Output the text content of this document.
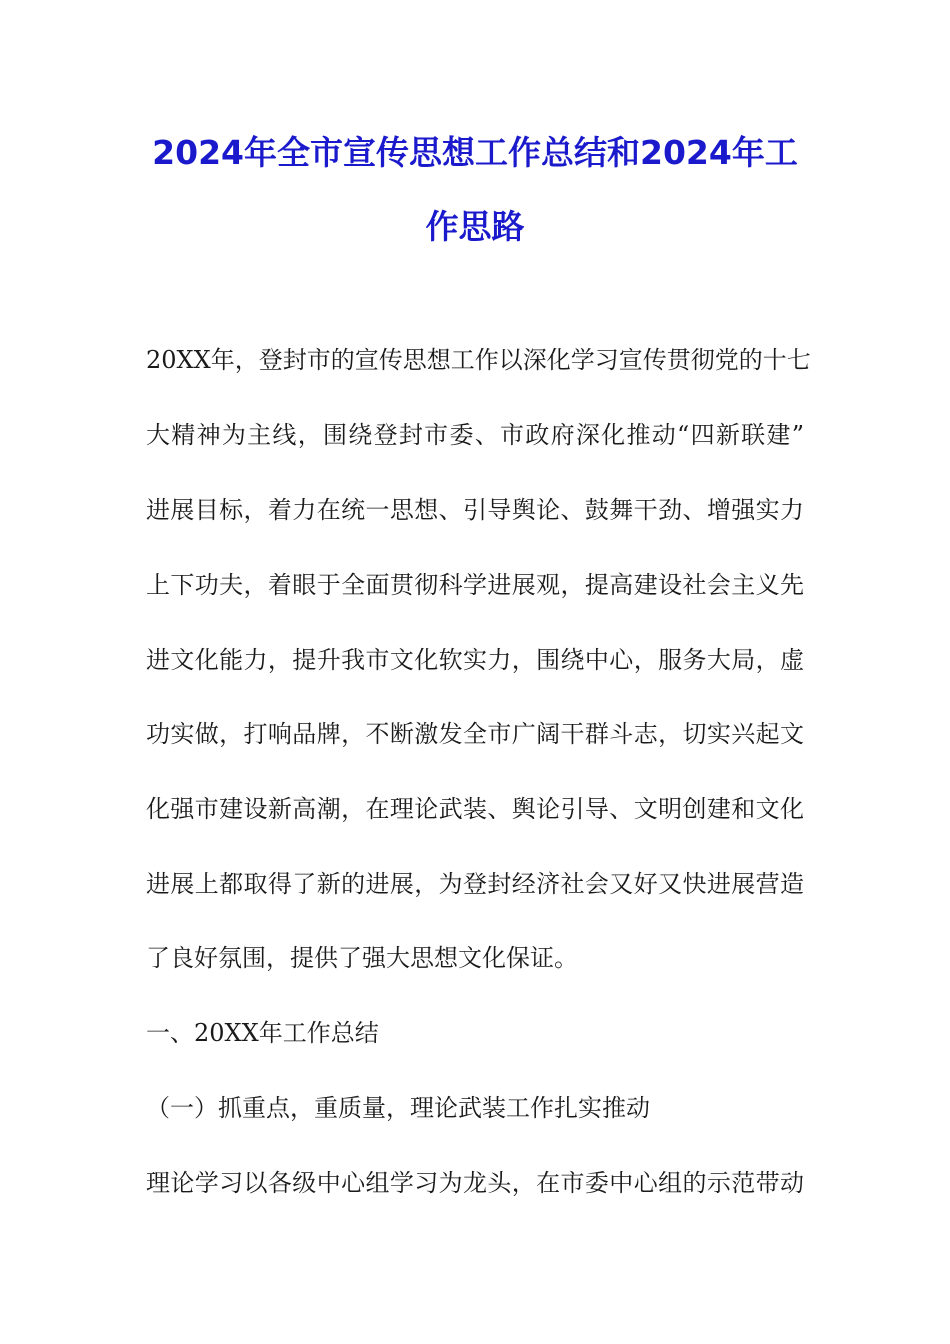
2024年全市宣传思想工作总结和2024年工
作思路
20XX年，登封市的宣传思想工作以深化学习宣传贯彻党的十七
大精神为主线，围绕登封市委、市政府深化推动“四新联建”
进展目标，着力在统一思想、引导舆论、鼓舞干劲、增强实力
上下功夫，着眼于全面贯彻科学进展观，提高建设社会主义先
进文化能力，提升我市文化软实力，围绕中心，服务大局，虚
功实做，打响品牌，不断激发全市广阔干群斗志，切实兴起文
化强市建设新高潮，在理论武装、舆论引导、文明创建和文化
进展上都取得了新的进展，为登封经济社会又好又快进展营造
了良好氛围，提供了强大思想文化保证。
一、20XX年工作总结
（一）抓重点，重质量，理论武装工作扎实推动
理论学习以各级中心组学习为龙头，在市委中心组的示范带动
